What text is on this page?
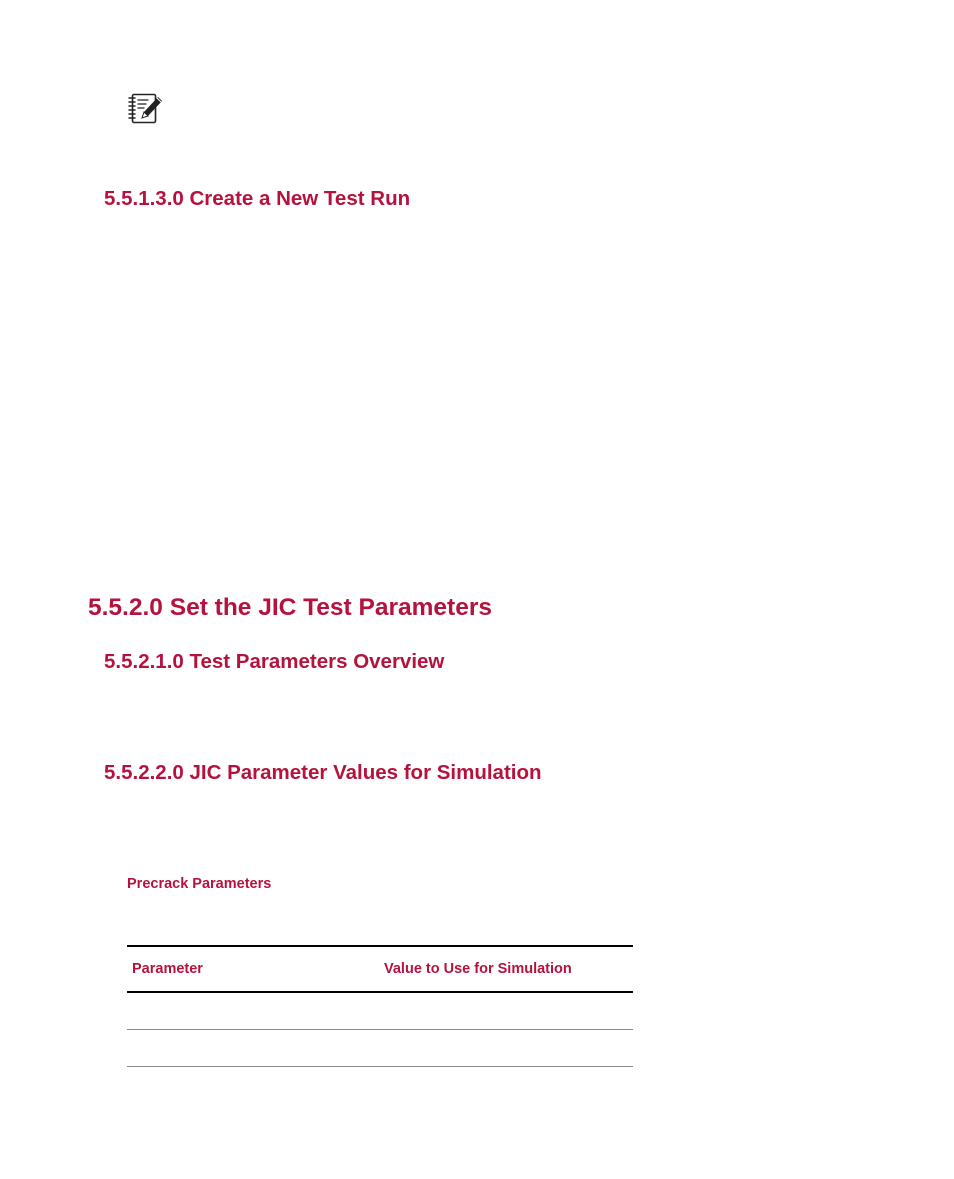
5.5.1.3.0 Create a New Test Run
5.5.2.0 Set the JIC Test Parameters
5.5.2.1.0 Test Parameters Overview
5.5.2.2.0 JIC Parameter Values for Simulation

Precrack Parameters

Parameter	Value to Use for Simulation
